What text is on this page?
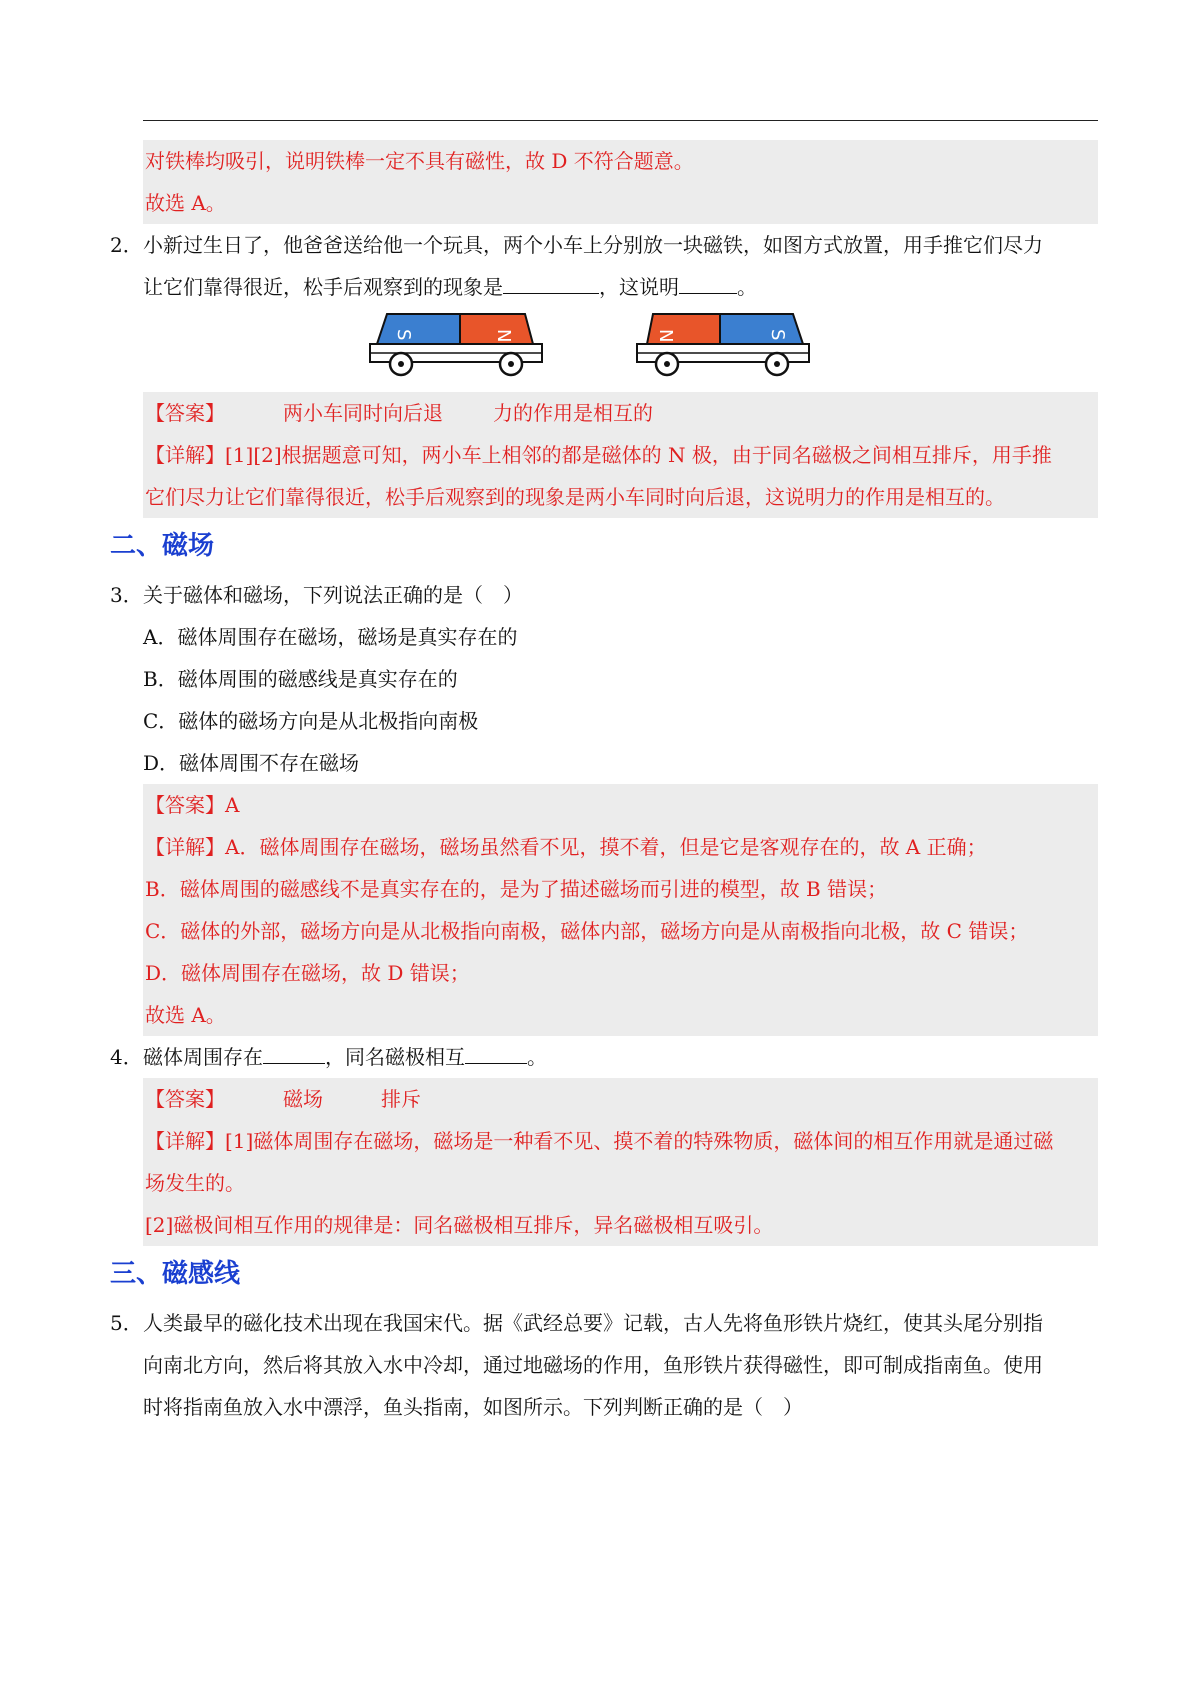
对铁棒均吸引，说明铁棒一定不具有磁性，故 D 不符合题意。
故选 A。
2．小新过生日了，他爸爸送给他一个玩具，两个小车上分别放一块磁铁，如图方式放置，用手推它们尽力
让它们靠得很近，松手后观察到的现象是	，这说明	。
S	N	N	S
【答案】	两小车同时向后退	力的作用是相互的
【详解】[1][2]根据题意可知，两小车上相邻的都是磁体的 N 极，由于同名磁极之间相互排斥，用手推
它们尽力让它们靠得很近，松手后观察到的现象是两小车同时向后退，这说明力的作用是相互的。
二、磁场
3．关于磁体和磁场，下列说法正确的是（　）
A．磁体周围存在磁场，磁场是真实存在的
B．磁体周围的磁感线是真实存在的
C．磁体的磁场方向是从北极指向南极
D．磁体周围不存在磁场
【答案】A
【详解】A．磁体周围存在磁场，磁场虽然看不见，摸不着，但是它是客观存在的，故 A 正确；
B．磁体周围的磁感线不是真实存在的，是为了描述磁场而引进的模型，故 B 错误；
C．磁体的外部，磁场方向是从北极指向南极，磁体内部，磁场方向是从南极指向北极，故 C 错误；
D．磁体周围存在磁场，故 D 错误；
故选 A。
4．磁体周围存在	，同名磁极相互	。
【答案】	磁场	排斥
【详解】[1]磁体周围存在磁场，磁场是一种看不见、摸不着的特殊物质，磁体间的相互作用就是通过磁
场发生的。
[2]磁极间相互作用的规律是：同名磁极相互排斥，异名磁极相互吸引。
三、磁感线
5．人类最早的磁化技术出现在我国宋代。据《武经总要》记载，古人先将鱼形铁片烧红，使其头尾分别指
向南北方向，然后将其放入水中冷却，通过地磁场的作用，鱼形铁片获得磁性，即可制成指南鱼。使用
时将指南鱼放入水中漂浮，鱼头指南，如图所示。下列判断正确的是（　）
